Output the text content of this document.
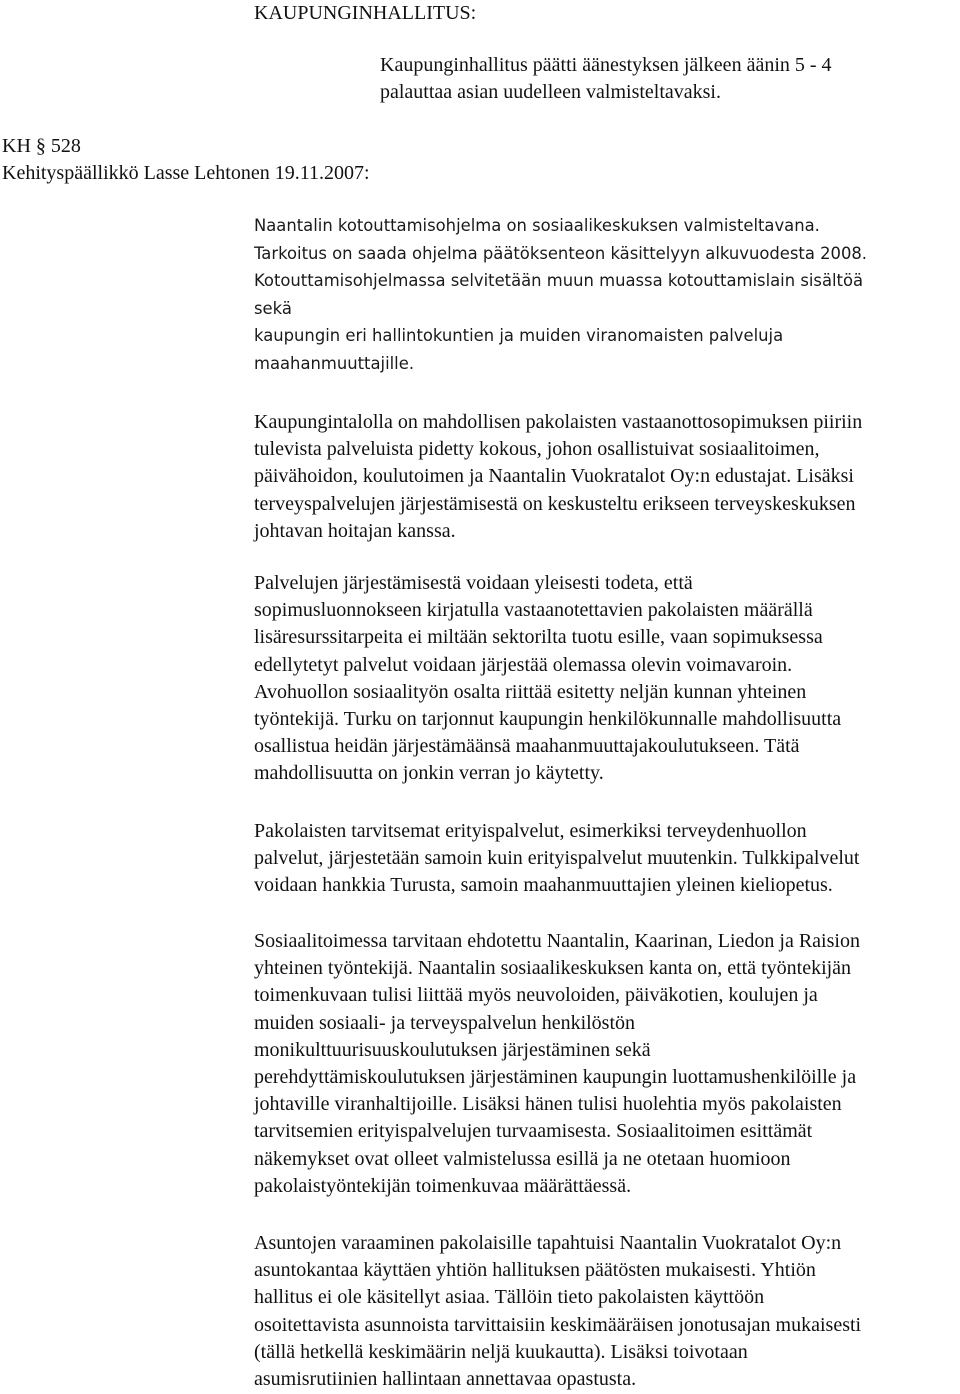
KAUPUNGINHALLITUS:
Kaupunginhallitus päätti äänestyksen jälkeen äänin 5 - 4
palauttaa asian uudelleen valmisteltavaksi.
KH § 528
Kehityspäällikkö Lasse Lehtonen 19.11.2007:
Naantalin kotouttamisohjelma on sosiaalikeskuksen valmisteltavana.
Tarkoitus on saada ohjelma päätöksenteon käsittelyyn alkuvuodesta 2008.
Kotouttamisohjelmassa selvitetään muun muassa kotouttamislain sisältöä
sekä
kaupungin eri hallintokuntien ja muiden viranomaisten palveluja
maahanmuuttajille.
Kaupungintalolla on mahdollisen pakolaisten vastaanottosopimuksen piiriin
tulevista palveluista pidetty kokous, johon osallistuivat sosiaalitoimen,
päivähoidon, koulutoimen ja Naantalin Vuokratalot Oy:n edustajat. Lisäksi
terveyspalvelujen järjestämisestä on keskusteltu erikseen terveyskeskuksen
johtavan hoitajan kanssa.
Palvelujen järjestämisestä voidaan yleisesti todeta, että
sopimusluonnokseen kirjatulla vastaanotettavien pakolaisten määrällä
lisäresurssitarpeita ei miltään sektorilta tuotu esille, vaan sopimuksessa
edellytetyt palvelut voidaan järjestää olemassa olevin voimavaroin.
Avohuollon sosiaalityön osalta riittää esitetty neljän kunnan yhteinen
työntekijä. Turku on tarjonnut kaupungin henkilökunnalle mahdollisuutta
osallistua heidän järjestämäänsä maahanmuuttajakoulutukseen. Tätä
mahdollisuutta on jonkin verran jo käytetty.
Pakolaisten tarvitsemat erityispalvelut, esimerkiksi terveydenhuollon
palvelut, järjestetään samoin kuin erityispalvelut muutenkin. Tulkkipalvelut
voidaan hankkia Turusta, samoin maahanmuuttajien yleinen kieliopetus.
Sosiaalitoimessa tarvitaan ehdotettu Naantalin, Kaarinan, Liedon ja Raision
yhteinen työntekijä. Naantalin sosiaalikeskuksen kanta on, että työntekijän
toimenkuvaan tulisi liittää myös neuvoloiden, päiväkotien, koulujen ja
muiden sosiaali- ja terveyspalvelun henkilöstön
monikulttuurisuuskoulutuksen järjestäminen sekä
perehdyttämiskoulutuksen järjestäminen kaupungin luottamushenkilöille ja
johtaville viranhaltijoille. Lisäksi hänen tulisi huolehtia myös pakolaisten
tarvitsemien erityispalvelujen turvaamisesta. Sosiaalitoimen esittämät
näkemykset ovat olleet valmistelussa esillä ja ne otetaan huomioon
pakolaistyöntekijän toimenkuvaa määrättäessä.
Asuntojen varaaminen pakolaisille tapahtuisi Naantalin Vuokratalot Oy:n
asuntokantaa käyttäen yhtiön hallituksen päätösten mukaisesti. Yhtiön
hallitus ei ole käsitellyt asiaa. Tällöin tieto pakolaisten käyttöön
osoitettavista asunnoista tarvittaisiin keskimääräisen jonotusajan mukaisesti
(tällä hetkellä keskimäärin neljä kuukautta). Lisäksi toivotaan
asumisrutiinien hallintaan annettavaa opastusta.
